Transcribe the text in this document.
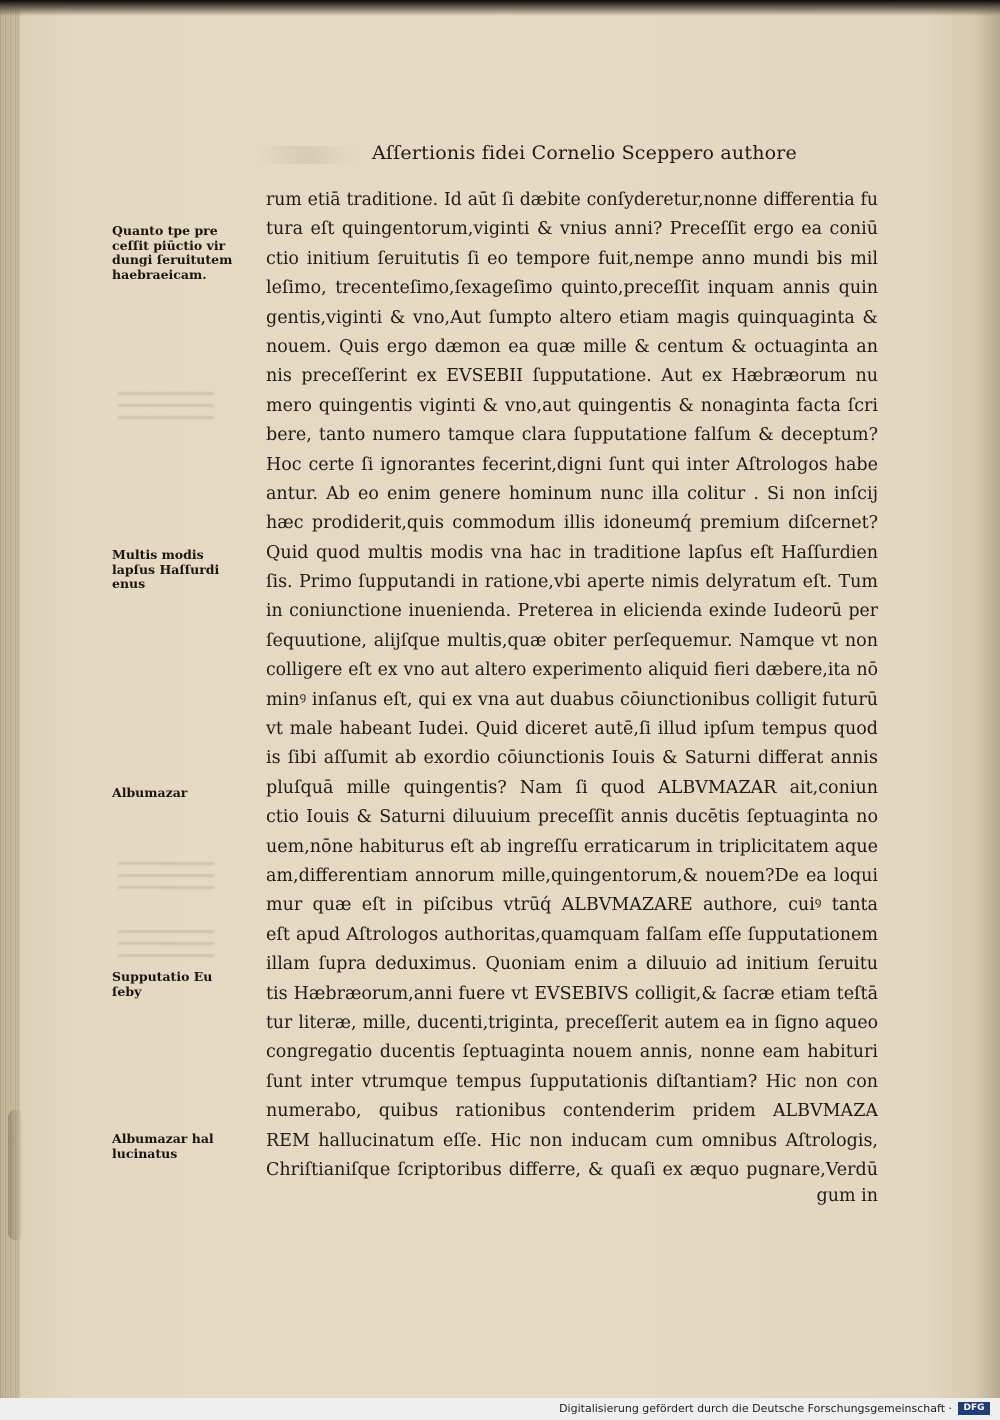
Aſſertionis fidei Cornelio Sceppero authore
Quanto tpe pre
ceſſit piūctio vir
dungi ſeruitutem
haebraeicam.
Multis modis
lapſus Haſſurdi
enus
Albumazar
Supputatio Eu
ſeby
Albumazar hal
lucinatus
rum etiā traditione. Id aūt ſi dæbite conſyderetur,nonne differentia fu
tura eſt quingentorum,viginti & vnius anni? Preceſſit ergo ea coniū
ctio initium ſeruitutis ſi eo tempore fuit,nempe anno mundi bis mil
leſimo, trecenteſimo,ſexageſimo quinto,preceſſit inquam annis quin
gentis,viginti & vno,Aut ſumpto altero etiam magis quinquaginta &
nouem. Quis ergo dæmon ea quæ mille & centum & octuaginta an
nis preceſſerint ex EVSEBII ſupputatione. Aut ex Hæbræorum nu
mero quingentis viginti & vno,aut quingentis & nonaginta facta ſcri
bere, tanto numero tamque clara ſupputatione falſum & deceptum?
Hoc certe ſi ignorantes fecerint,digni ſunt qui inter Aſtrologos habe
antur. Ab eo enim genere hominum nunc illa colitur . Si non inſcij
hæc prodiderit,quis commodum illis idoneumq́ premium diſcernet?
Quid quod multis modis vna hac in traditione lapſus eſt Haſſurdien
ſis. Primo ſupputandi in ratione,vbi aperte nimis delyratum eſt. Tum
in coniunctione inuenienda. Preterea in elicienda exinde Iudeorū per
ſequutione, alijſque multis,quæ obiter perſequemur. Namque vt non
colligere eſt ex vno aut altero experimento aliquid fieri dæbere,ita nō
minꝰ inſanus eſt, qui ex vna aut duabus cōiunctionibus colligit futurū
vt male habeant Iudei. Quid diceret autē,ſi illud ipſum tempus quod
is ſibi aſſumit ab exordio cōiunctionis Iouis & Saturni differat annis
pluſquā mille quingentis? Nam ſi quod ALBVMAZAR ait,coniun
ctio Iouis & Saturni diluuium preceſſit annis ducētis ſeptuaginta no
uem,nōne habiturus eſt ab ingreſſu erraticarum in triplicitatem aque
am,differentiam annorum mille,quingentorum,& nouem?De ea loqui
mur quæ eſt in piſcibus vtrūq́ ALBVMAZARE authore, cuiꝰ tanta
eſt apud Aſtrologos authoritas,quamquam falſam eſſe ſupputationem
illam ſupra deduximus. Quoniam enim a diluuio ad initium ſeruitu
tis Hæbræorum,anni fuere vt EVSEBIVS colligit,& ſacræ etiam teſtā
tur literæ, mille, ducenti,triginta, preceſſerit autem ea in ſigno aqueo
congregatio ducentis ſeptuaginta nouem annis, nonne eam habituri
ſunt inter vtrumque tempus ſupputationis diſtantiam? Hic non con
numerabo, quibus rationibus contenderim pridem ALBVMAZA
REM hallucinatum eſſe. Hic non inducam cum omnibus Aſtrologis,
Chriſtianiſque ſcriptoribus differre, & quaſi ex æquo pugnare,Verdū
gum in
Digitalisierung gefördert durch die Deutsche Forschungsgemeinschaft ·	DFG
